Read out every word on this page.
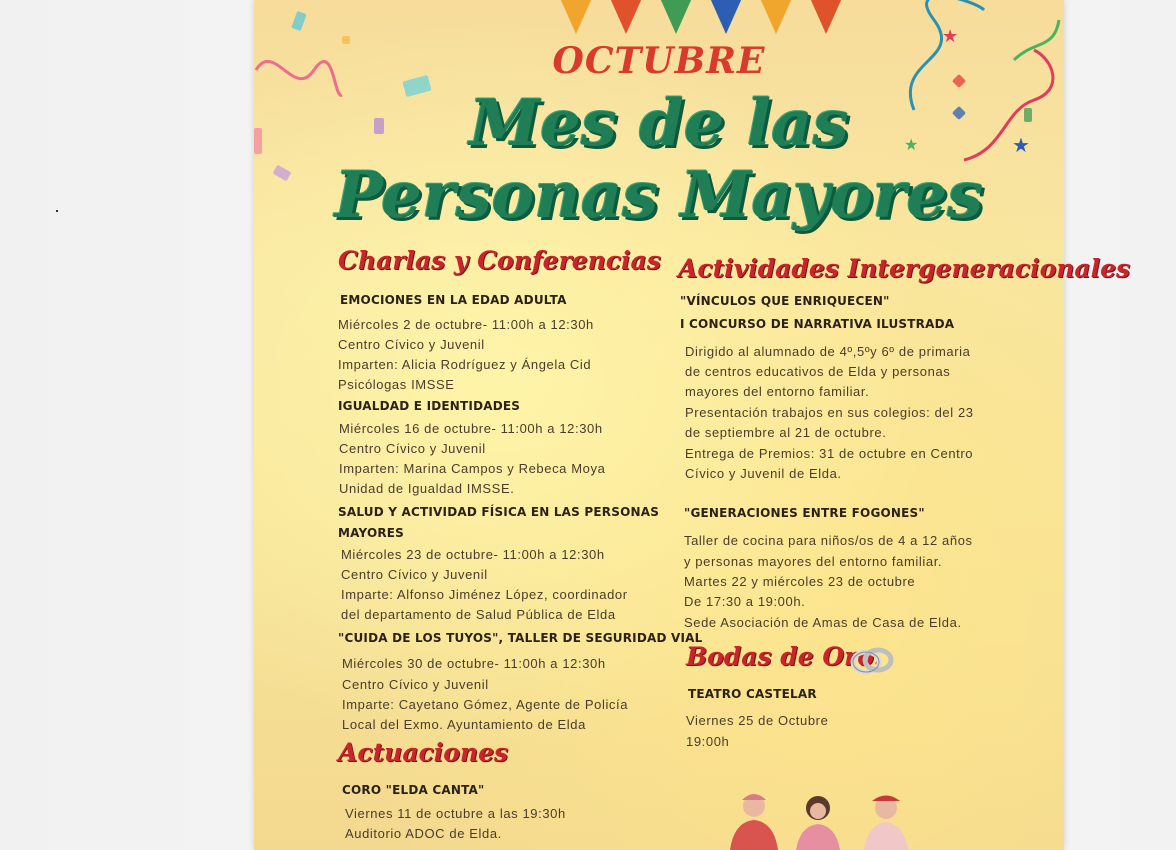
★
★
★
OCTUBRE
Mes de las
Personas Mayores
Charlas y Conferencias
EMOCIONES EN LA EDAD ADULTA
Miércoles 2 de octubre- 11:00h a 12:30h
Centro Cívico y Juvenil
Imparten: Alicia Rodríguez y Ángela Cid
Psicólogas IMSSE
IGUALDAD E IDENTIDADES
Miércoles 16 de octubre- 11:00h a 12:30h
Centro Cívico y Juvenil
Imparten: Marina Campos y Rebeca Moya
Unidad de Igualdad IMSSE.
SALUD Y ACTIVIDAD FÍSICA EN LAS PERSONAS
MAYORES
Miércoles 23 de octubre- 11:00h a 12:30h
Centro Cívico y Juvenil
Imparte: Alfonso Jiménez López, coordinador
del departamento de Salud Pública de Elda
"CUIDA DE LOS TUYOS", TALLER DE SEGURIDAD VIAL
Miércoles 30 de octubre- 11:00h a 12:30h
Centro Cívico y Juvenil
Imparte: Cayetano Gómez, Agente de Policía
Local del Exmo. Ayuntamiento de Elda
Actuaciones
CORO "ELDA CANTA"
Viernes 11 de octubre a las 19:30h
Auditorio ADOC de Elda.
Actividades Intergeneracionales
"VÍNCULOS QUE ENRIQUECEN"
I CONCURSO DE NARRATIVA ILUSTRADA
Dirigido al alumnado de 4º,5ºy 6º de primaria
de centros educativos de Elda y personas
mayores del entorno familiar.
Presentación trabajos en sus colegios: del 23
de septiembre al 21 de octubre.
Entrega de Premios: 31 de octubre en Centro
Cívico y Juvenil de Elda.
"GENERACIONES ENTRE FOGONES"
Taller de cocina para niños/os de 4 a 12 años
y personas mayores del entorno familiar.
Martes 22 y miércoles 23 de octubre
De 17:30 a 19:00h.
Sede Asociación de Amas de Casa de Elda.
Bodas de Oro.
TEATRO CASTELAR
Viernes 25 de Octubre
19:00h
